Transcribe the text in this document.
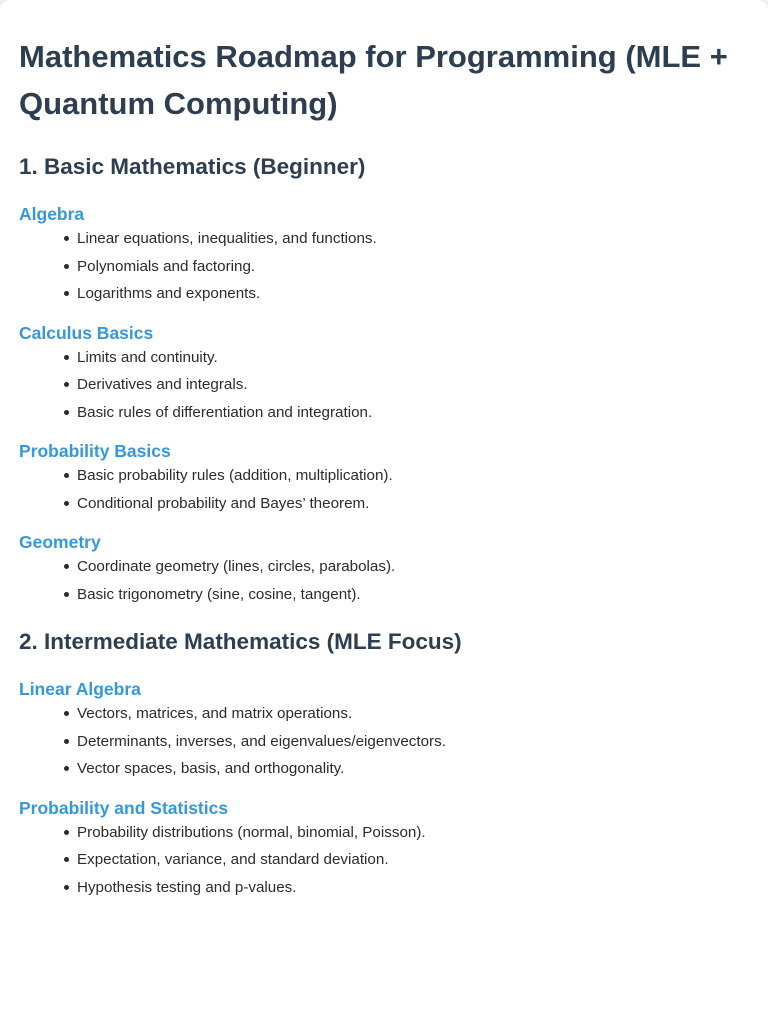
Mathematics Roadmap for Programming (MLE + Quantum Computing)
1. Basic Mathematics (Beginner)
Algebra
Linear equations, inequalities, and functions.
Polynomials and factoring.
Logarithms and exponents.
Calculus Basics
Limits and continuity.
Derivatives and integrals.
Basic rules of differentiation and integration.
Probability Basics
Basic probability rules (addition, multiplication).
Conditional probability and Bayes’ theorem.
Geometry
Coordinate geometry (lines, circles, parabolas).
Basic trigonometry (sine, cosine, tangent).
2. Intermediate Mathematics (MLE Focus)
Linear Algebra
Vectors, matrices, and matrix operations.
Determinants, inverses, and eigenvalues/eigenvectors.
Vector spaces, basis, and orthogonality.
Probability and Statistics
Probability distributions (normal, binomial, Poisson).
Expectation, variance, and standard deviation.
Hypothesis testing and p-values.
